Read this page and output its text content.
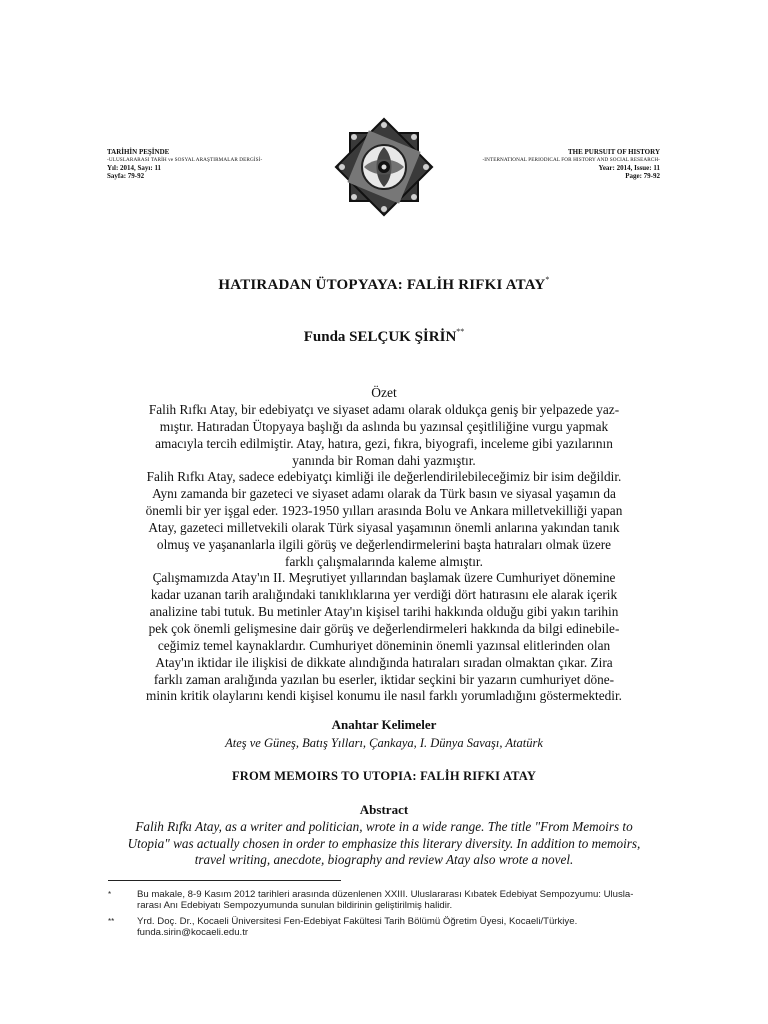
TARİHİN PEŞİNDE
-ULUSLARARASI TARİH ve SOSYAL ARAŞTIRMALAR DERGİSİ-
Yıl: 2014, Sayı: 11
Sayfa: 79-92
THE PURSUIT OF HISTORY
-INTERNATIONAL PERIODICAL FOR HISTORY AND SOCIAL RESEARCH-
Year: 2014, Issue: 11
Page: 79-92
HATIRADAN ÜTOPYAYA: FALİH RIFKI ATAY*
Funda SELÇUK ŞİRİN**
Özet
Falih Rıfkı Atay, bir edebiyatçı ve siyaset adamı olarak oldukça geniş bir yelpazede yaz-
mıştır. Hatıradan Ütopyaya başlığı da aslında bu yazınsal çeşitliliğine vurgu yapmak
amacıyla tercih edilmiştir. Atay, hatıra, gezi, fıkra, biyografi, inceleme gibi yazılarının
yanında bir Roman dahi yazmıştır.
Falih Rıfkı Atay, sadece edebiyatçı kimliği ile değerlendirilebileceğimiz bir isim değildir.
Aynı zamanda bir gazeteci ve siyaset adamı olarak da Türk basın ve siyasal yaşamın da
önemli bir yer işgal eder. 1923-1950 yılları arasında Bolu ve Ankara milletvekilliği yapan
Atay, gazeteci milletvekili olarak Türk siyasal yaşamının önemli anlarına yakından tanık
olmuş ve yaşananlarla ilgili görüş ve değerlendirmelerini başta hatıraları olmak üzere
farklı çalışmalarında kaleme almıştır.
Çalışmamızda Atay'ın II. Meşrutiyet yıllarından başlamak üzere Cumhuriyet dönemine
kadar uzanan tarih aralığındaki tanıklıklarına yer verdiği dört hatırasını ele alarak içerik
analizine tabi tutuk. Bu metinler Atay'ın kişisel tarihi hakkında olduğu gibi yakın tarihin
pek çok önemli gelişmesine dair görüş ve değerlendirmeleri hakkında da bilgi edinebile-
ceğimiz temel kaynaklardır. Cumhuriyet döneminin önemli yazınsal elitlerinden olan
Atay'ın iktidar ile ilişkisi de dikkate alındığında hatıraları sıradan olmaktan çıkar. Zira
farklı zaman aralığında yazılan bu eserler, iktidar seçkini bir yazarın cumhuriyet döne-
minin kritik olaylarını kendi kişisel konumu ile nasıl farklı yorumladığını göstermektedir.
Anahtar Kelimeler
Ateş ve Güneş, Batış Yılları, Çankaya, I. Dünya Savaşı, Atatürk
FROM MEMOIRS TO UTOPIA: FALİH RIFKI ATAY
Abstract
Falih Rıfkı Atay, as a writer and politician, wrote in a wide range. The title "From Memoirs to
Utopia" was actually chosen in order to emphasize this literary diversity. In addition to memoirs,
travel writing, anecdote, biography and review Atay also wrote a novel.
*	Bu makale, 8-9 Kasım 2012 tarihleri arasında düzenlenen XXIII. Uluslararası Kıbatek Edebiyat Sempozyumu: Ulusla-
rarası Anı Edebiyatı Sempozyumunda sunulan bildirinin geliştirilmiş halidir.
** Yrd. Doç. Dr., Kocaeli Üniversitesi Fen-Edebiyat Fakültesi Tarih Bölümü Öğretim Üyesi, Kocaeli/Türkiye.
funda.sirin@kocaeli.edu.tr
